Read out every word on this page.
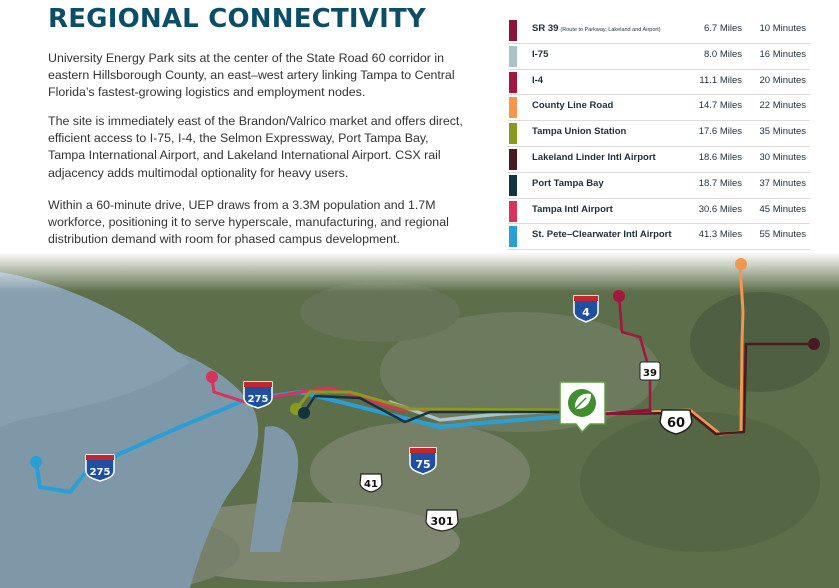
REGIONAL CONNECTIVITY

University Energy Park sits at the center of the State Road 60 corridor in eastern Hillsborough County, an east–west artery linking Tampa to Central Florida’s fastest-growing logistics and employment nodes.

The site is immediately east of the Brandon/Valrico market and offers direct, efficient access to I-75, I-4, the Selmon Expressway, Port Tampa Bay, Tampa International Airport, and Lakeland International Airport. CSX rail adjacency adds multimodal optionality for heavy users.

Within a 60-minute drive, UEP draws from a 3.3M population and 1.7M workforce, positioning it to serve hyperscale, manufacturing, and regional distribution demand with room for phased campus development.

SR 39 (Route to Parkway, Lakeland and Airport)	6.7 Miles 10 Minutes
I-75	8.0 Miles 16 Minutes
I-4	11.1 Miles 20 Minutes
County Line Road	14.7 Miles 22 Minutes
Tampa Union Station	17.6 Miles 35 Minutes
Lakeland Linder Intl Airport	18.6 Miles 30 Minutes
Port Tampa Bay	18.7 Miles 37 Minutes
Tampa Intl Airport	30.6 Miles 45 Minutes
St. Pete–Clearwater Intl Airport	41.3 Miles 55 Minutes
4
275
275
75
39
60
41
301
